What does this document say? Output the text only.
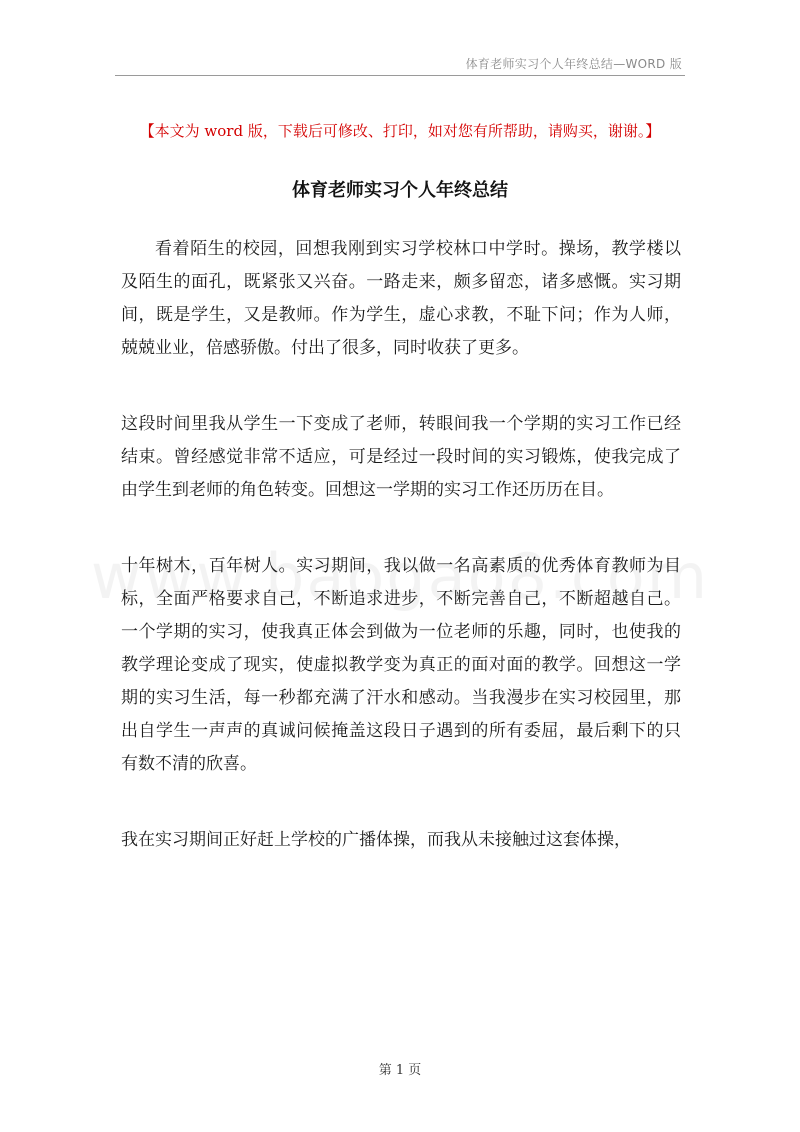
体育老师实习个人年终总结—WORD 版
【本文为 word 版，下载后可修改、打印，如对您有所帮助，请购买，谢谢。】
体育老师实习个人年终总结

看着陌生的校园，回想我刚到实习学校林口中学时。操场，教学楼以及陌生的面孔，既紧张又兴奋。一路走来，颇多留恋，诸多感慨。实习期间，既是学生，又是教师。作为学生，虚心求教，不耻下问；作为人师，兢兢业业，倍感骄傲。付出了很多，同时收获了更多。

这段时间里我从学生一下变成了老师，转眼间我一个学期的实习工作已经结束。曾经感觉非常不适应，可是经过一段时间的实习锻炼，使我完成了由学生到老师的角色转变。回想这一学期的实习工作还历历在目。

十年树木，百年树人。实习期间，我以做一名高素质的优秀体育教师为目标，全面严格要求自己，不断追求进步，不断完善自己，不断超越自己。一个学期的实习，使我真正体会到做为一位老师的乐趣，同时，也使我的教学理论变成了现实，使虚拟教学变为真正的面对面的教学。回想这一学期的实习生活，每一秒都充满了汗水和感动。当我漫步在实习校园里，那出自学生一声声的真诚问候掩盖这段日子遇到的所有委屈，最后剩下的只有数不清的欣喜。

我在实习期间正好赶上学校的广播体操，而我从未接触过这套体操，

第 1 页
